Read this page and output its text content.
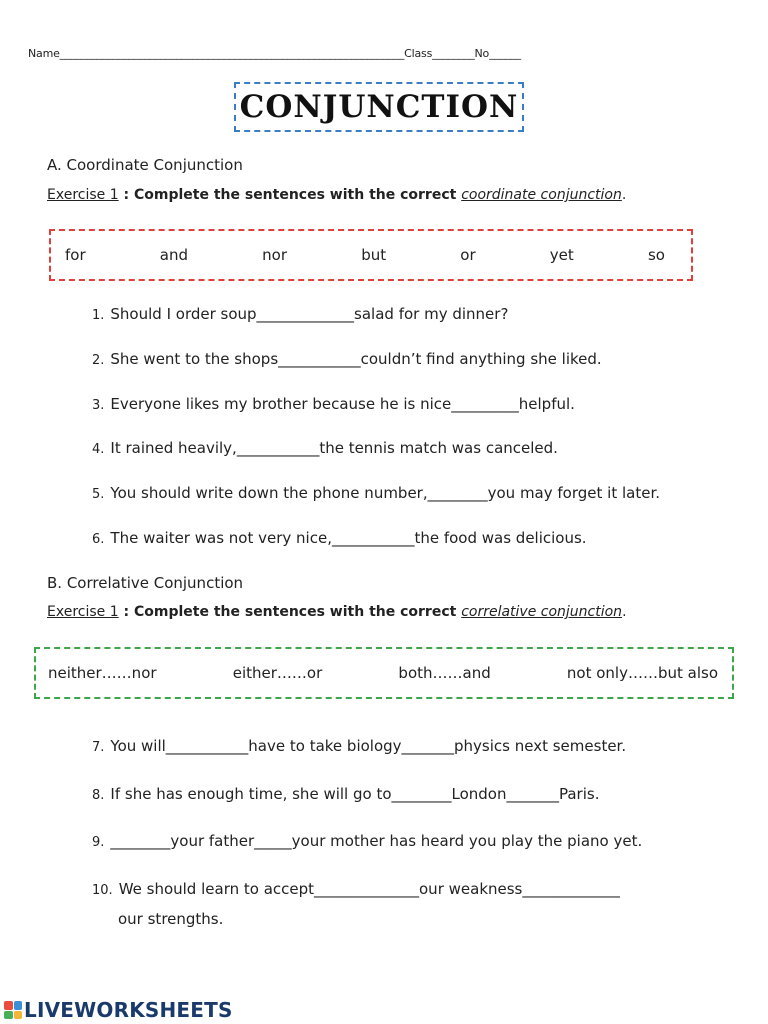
Name_________________________________________________________________Class________No______
CONJUNCTION
A. Coordinate Conjunction
Exercise 1 : Complete the sentences with the correct coordinate conjunction.
for	and	nor	but	or	yet	so
1. Should I order soup_____________salad for my dinner?
2. She went to the shops___________couldn’t find anything she liked.
3. Everyone likes my brother because he is nice_________helpful.
4. It rained heavily,___________the tennis match was canceled.
5. You should write down the phone number,________you may forget it later.
6. The waiter was not very nice,___________the food was delicious.
B. Correlative Conjunction
Exercise 1 : Complete the sentences with the correct correlative conjunction.
neither……nor	either……or	both……and	not only……but also
7. You will___________have to take biology_______physics next semester.
8. If she has enough time, she will go to________London_______Paris.
9. ________your father_____your mother has heard you play the piano yet.
10. We should learn to accept______________our weakness_____________
our strengths.
LIVEWORKSHEETS
